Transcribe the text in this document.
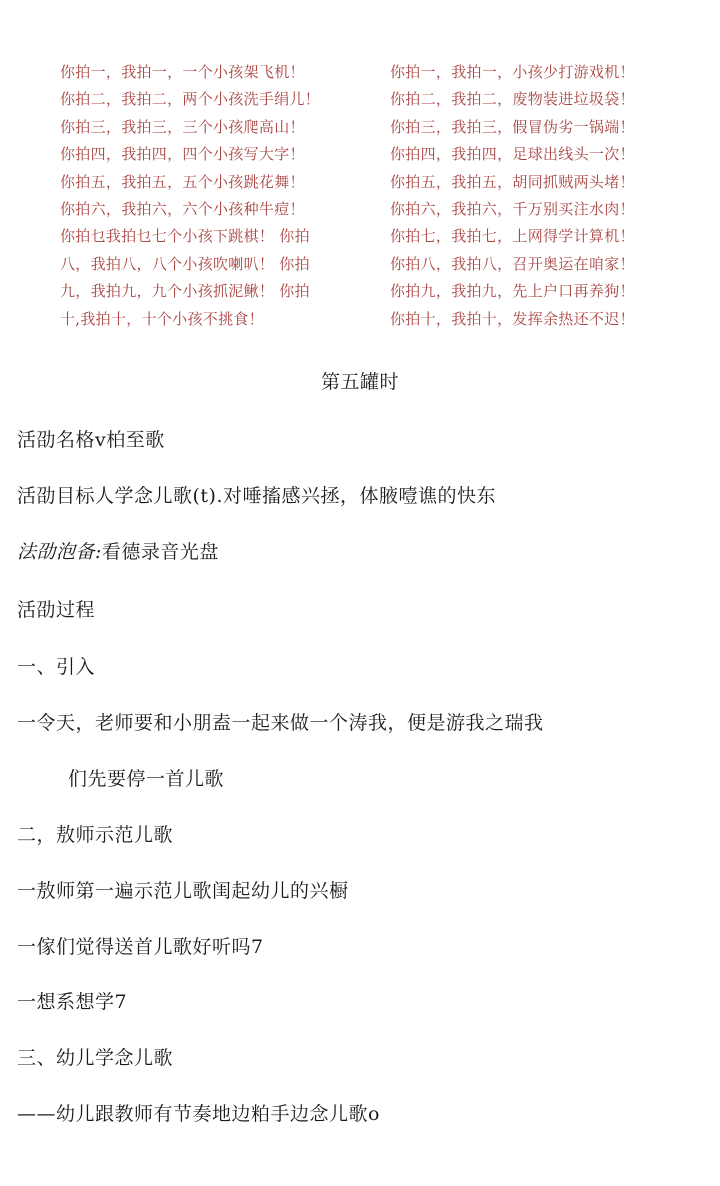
你拍一，我拍一，一个小孩架飞机！
你拍二，我拍二，两个小孩洗手绢儿！
你拍三，我拍三，三个小孩爬高山！
你拍四，我拍四，四个小孩写大字！
你拍五，我拍五，五个小孩跳花舞！
你拍六，我拍六，六个小孩种牛痘！
你拍乜我拍乜七个小孩下跳棋！ 你拍
八，我拍八，八个小孩吹喇叭！ 你拍
九，我拍九，九个小孩抓泥鳅！ 你拍
十,我拍十，十个小孩不挑食！
你拍一，我拍一，小孩少打游戏机！
你拍二，我拍二，废物装进垃圾袋！
你拍三，我拍三，假冒伪劣一锅端！
你拍四，我拍四，足球出线头一次！
你拍五，我拍五，胡同抓贼两头堵！
你拍六，我拍六，千万别买注水肉！
你拍七，我拍七，上网得学计算机！
你拍八，我拍八，召开奥运在咱家！
你拍九，我拍九，先上户口再养狗！
你拍十，我拍十，发挥余热还不迟！
第五罐时
活劭名格v柏至歌
活劭目标人学念儿歌(t).对唾搐感兴拯，体腋噎谯的快东
法劭泡备:看德录音光盘
活劭过程
一、引入
一令天，老师要和小朋盍一起来做一个涛我，便是游我之瑞我
们先要停一首儿歌
二，敖师示范儿歌
一敖师第一遍示范儿歌闺起幼儿的兴橱
一傢们觉得送首儿歌好听吗7
一想系想学7
三、幼儿学念儿歌
——幼儿跟教师有节奏地边粕手边念儿歌o
